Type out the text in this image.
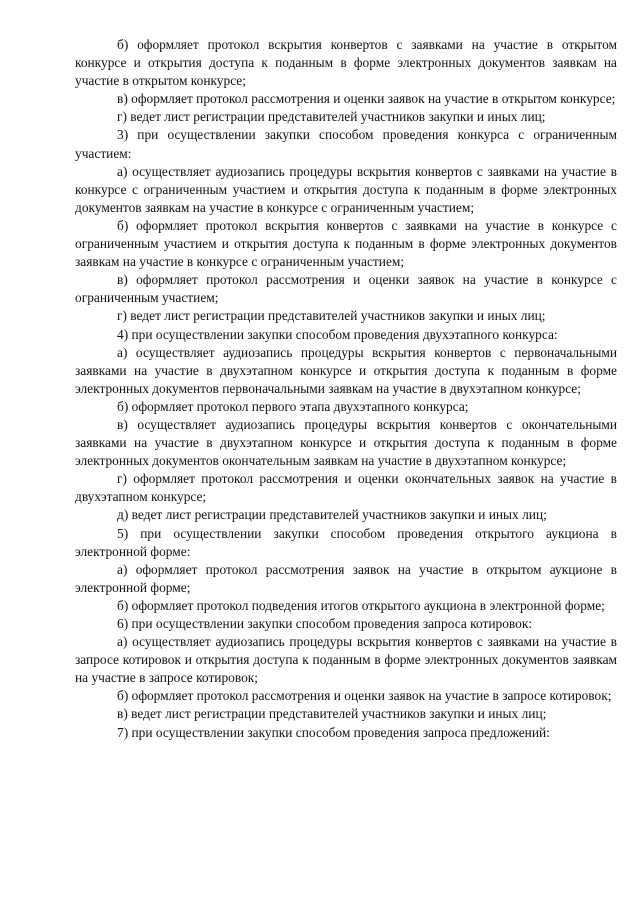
б) оформляет протокол вскрытия конвертов с заявками на участие в открытом конкурсе и открытия доступа к поданным в форме электронных документов заявкам на участие в открытом конкурсе;

в) оформляет протокол рассмотрения и оценки заявок на участие в открытом конкурсе;

г) ведет лист регистрации представителей участников закупки и иных лиц;

3) при осуществлении закупки способом проведения конкурса с ограниченным участием:

а) осуществляет аудиозапись процедуры вскрытия конвертов с заявками на участие в конкурсе с ограниченным участием и открытия доступа к поданным в форме электронных документов заявкам на участие в конкурсе с ограниченным участием;

б) оформляет протокол вскрытия конвертов с заявками на участие в конкурсе с ограниченным участием и открытия доступа к поданным в форме электронных документов заявкам на участие в конкурсе с ограниченным участием;

в) оформляет протокол рассмотрения и оценки заявок на участие в конкурсе с ограниченным участием;

г) ведет лист регистрации представителей участников закупки и иных лиц;

4) при осуществлении закупки способом проведения двухэтапного конкурса:

а) осуществляет аудиозапись процедуры вскрытия конвертов с первоначальными заявками на участие в двухэтапном конкурсе и открытия доступа к поданным в форме электронных документов первоначальными заявкам на участие в двухэтапном конкурсе;

б) оформляет протокол первого этапа двухэтапного конкурса;

в) осуществляет аудиозапись процедуры вскрытия конвертов с окончательными заявками на участие в двухэтапном конкурсе и открытия доступа к поданным в форме электронных документов окончательным заявкам на участие в двухэтапном конкурсе;

г) оформляет протокол рассмотрения и оценки окончательных заявок на участие в двухэтапном конкурсе;

д) ведет лист регистрации представителей участников закупки и иных лиц;

5) при осуществлении закупки способом проведения открытого аукциона в электронной форме:

а) оформляет протокол рассмотрения заявок на участие в открытом аукционе в электронной форме;

б) оформляет протокол подведения итогов открытого аукциона в электронной форме;

6) при осуществлении закупки способом проведения запроса котировок:

а) осуществляет аудиозапись процедуры вскрытия конвертов с заявками на участие в запросе котировок и открытия доступа к поданным в форме электронных документов заявкам на участие в запросе котировок;

б) оформляет протокол рассмотрения и оценки заявок на участие в запросе котировок;

в) ведет лист регистрации представителей участников закупки и иных лиц;

7) при осуществлении закупки способом проведения запроса предложений:
